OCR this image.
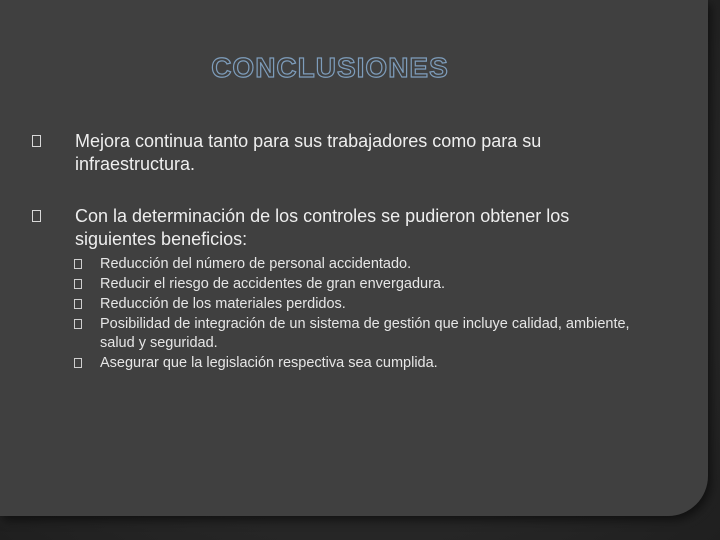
CONCLUSIONES
Mejora continua tanto para sus trabajadores como para su infraestructura.
Con la determinación de los controles se pudieron obtener los siguientes beneficios:
Reducción del número de personal accidentado.
Reducir el riesgo de accidentes de gran envergadura.
Reducción de los materiales perdidos.
Posibilidad de integración de un sistema de gestión que incluye calidad, ambiente, salud y seguridad.
Asegurar que la legislación respectiva sea cumplida.
